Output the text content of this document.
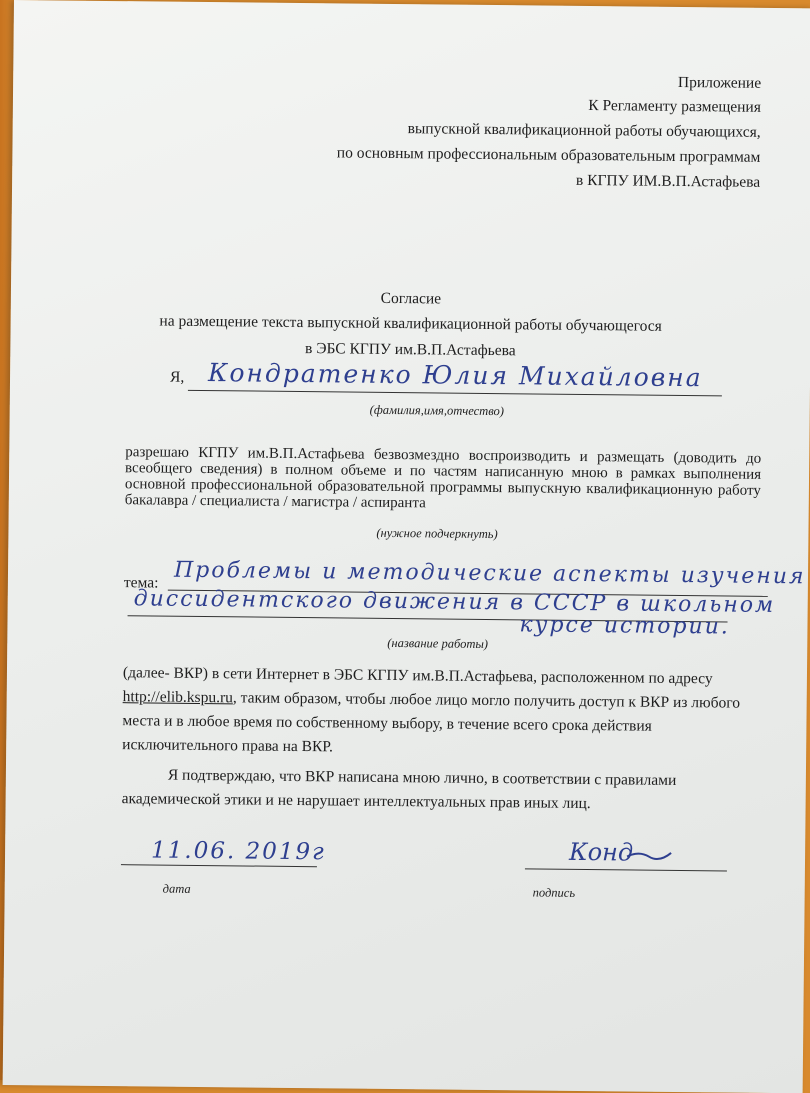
Приложение
К Регламенту размещения
выпускной квалификационной работы обучающихся,
по основным профессиональным образовательным программам
в КГПУ ИМ.В.П.Астафьева
Согласие
на размещение текста выпускной квалификационной работы обучающегося
в ЭБС КГПУ им.В.П.Астафьева
Я, Кондратенко Юлия Михайловна
(фамилия,имя,отчество)
разрешаю КГПУ им.В.П.Астафьева безвозмездно воспроизводить и размещать (доводить до всеобщего сведения) в полном объеме и по частям написанную мною в рамках выполнения основной профессиональной образовательной программы выпускную квалификационную работу бакалавра / специалиста / магистра / аспиранта
(нужное подчеркнуть)
тема: Проблемы и методические аспекты изучения
диссидентского движения в СССР в школьном
курсе истории.
(название работы)
(далее- ВКР) в сети Интернет в ЭБС КГПУ им.В.П.Астафьева, расположенном по адресу http://elib.kspu.ru, таким образом, чтобы любое лицо могло получить доступ к ВКР из любого места и в любое время по собственному выбору, в течение всего срока действия исключительного права на ВКР.
Я подтверждаю, что ВКР написана мною лично, в соответствии с правилами академической этики и не нарушает интеллектуальных прав иных лиц.
11.06. 2019г
дата
Конд
подпись
